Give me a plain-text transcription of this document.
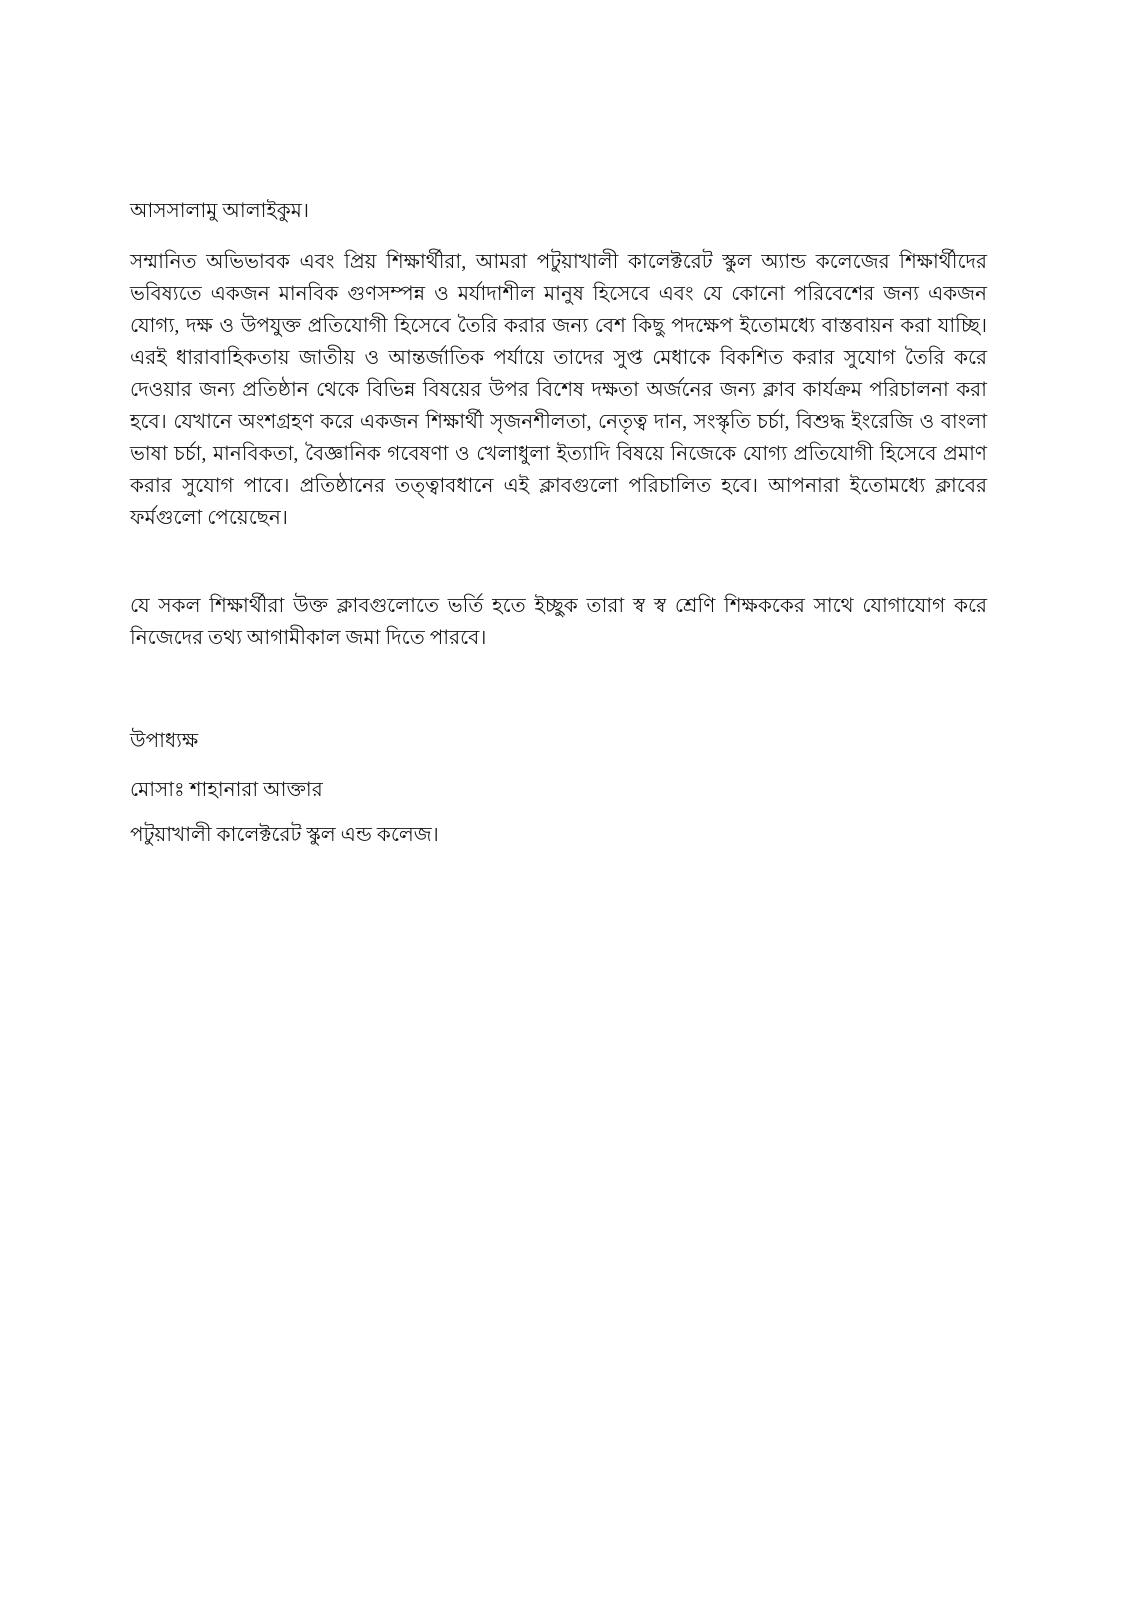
আসসালামু আলাইকুম।
সম্মানিত অভিভাবক এবং প্রিয় শিক্ষার্থীরা, আমরা পটুয়াখালী কালেক্টরেট স্কুল অ্যান্ড কলেজের শিক্ষার্থীদের ভবিষ্যতে একজন মানবিক গুণসম্পন্ন ও মর্যাদাশীল মানুষ হিসেবে এবং যে কোনো পরিবেশের জন্য একজন যোগ্য, দক্ষ ও উপযুক্ত প্রতিযোগী হিসেবে তৈরি করার জন্য বেশ কিছু পদক্ষেপ ইতোমধ্যে বাস্তবায়ন করা যাচ্ছি। এরই ধারাবাহিকতায় জাতীয় ও আন্তর্জাতিক পর্যায়ে তাদের সুপ্ত মেধাকে বিকশিত করার সুযোগ তৈরি করে দেওয়ার জন্য প্রতিষ্ঠান থেকে বিভিন্ন বিষয়ের উপর বিশেষ দক্ষতা অর্জনের জন্য ক্লাব কার্যক্রম পরিচালনা করা হবে। যেখানে অংশগ্রহণ করে একজন শিক্ষার্থী সৃজনশীলতা, নেতৃত্ব দান, সংস্কৃতি চর্চা, বিশুদ্ধ ইংরেজি ও বাংলা ভাষা চর্চা, মানবিকতা, বৈজ্ঞানিক গবেষণা ও খেলাধুলা ইত্যাদি বিষয়ে নিজেকে যোগ্য প্রতিযোগী হিসেবে প্রমাণ করার সুযোগ পাবে। প্রতিষ্ঠানের তত্ত্বাবধানে এই ক্লাবগুলো পরিচালিত হবে। আপনারা ইতোমধ্যে ক্লাবের ফর্মগুলো পেয়েছেন।
যে সকল শিক্ষার্থীরা উক্ত ক্লাবগুলোতে ভর্তি হতে ইচ্ছুক তারা স্ব স্ব শ্রেণি শিক্ষককের সাথে যোগাযোগ করে নিজেদের তথ্য আগামীকাল জমা দিতে পারবে।
উপাধ্যক্ষ
মোসাঃ শাহানারা আক্তার
পটুয়াখালী কালেক্টরেট স্কুল এন্ড কলেজ।
